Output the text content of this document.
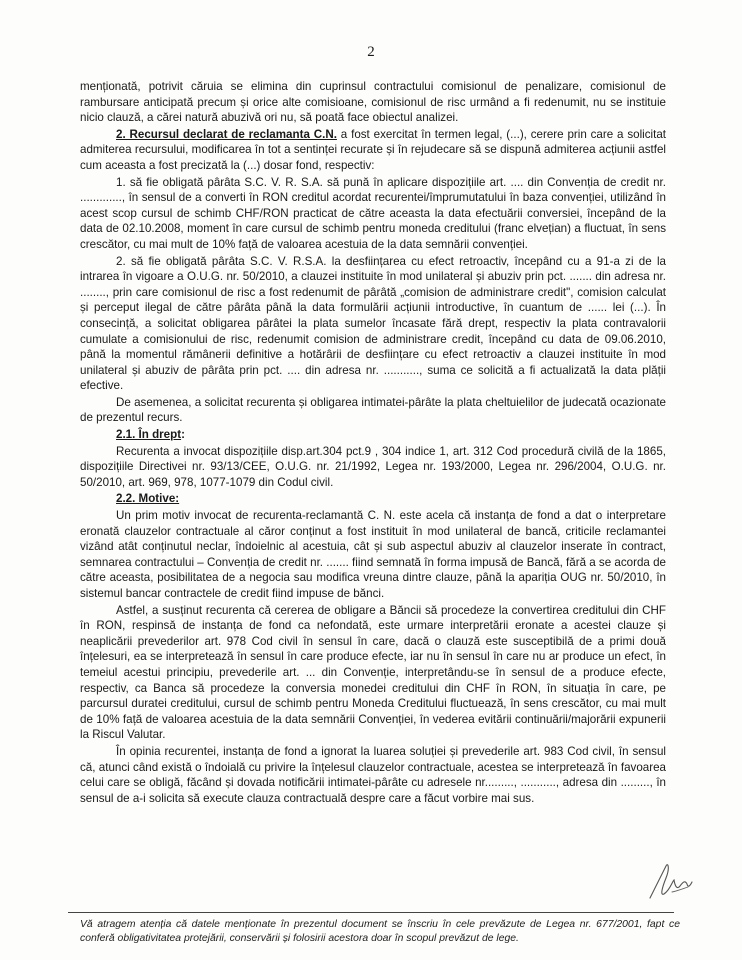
2

menționată, potrivit căruia se elimina din cuprinsul contractului comisionul de penalizare, comisionul de rambursare anticipată precum și orice alte comisioane, comisionul de risc urmând a fi redenumit, nu se instituie nicio clauză, a cărei natură abuzivă ori nu, să poată face obiectul analizei.

2. Recursul declarat de reclamanta C.N. a fost exercitat în termen legal, (...), cerere prin care a solicitat admiterea recursului, modificarea în tot a sentinței recurate și în rejudecare să se dispună admiterea acțiunii astfel cum aceasta a fost precizată la (...) dosar fond, respectiv:

1. să fie obligată pârâta S.C. V. R. S.A. să pună în aplicare dispozițiile art. .... din Convenția de credit nr. ............., în sensul de a converti în RON creditul acordat recurentei/împrumutatului în baza convenției, utilizând în acest scop cursul de schimb CHF/RON practicat de către aceasta la data efectuării conversiei, începând de la data de 02.10.2008, moment în care cursul de schimb pentru moneda creditului (franc elvețian) a fluctuat, în sens crescător, cu mai mult de 10% față de valoarea acestuia de la data semnării convenției.

2. să fie obligată pârâta S.C. V. R.S.A. la desființarea cu efect retroactiv, începând cu a 91-a zi de la intrarea în vigoare a O.U.G. nr. 50/2010, a clauzei instituite în mod unilateral și abuziv prin pct. ....... din adresa nr. ........, prin care comisionul de risc a fost redenumit de pârâtă „comision de administrare credit", comision calculat și perceput ilegal de către pârâta până la data formulării acțiunii introductive, în cuantum de ...... lei (...). În consecință, a solicitat obligarea pârâtei la plata sumelor încasate fără drept, respectiv la plata contravalorii cumulate a comisionului de risc, redenumit comision de administrare credit, începând cu data de 09.06.2010, până la momentul rămânerii definitive a hotărârii de desființare cu efect retroactiv a clauzei instituite în mod unilateral și abuziv de pârâta prin pct. .... din adresa nr. ..........., suma ce solicită a fi actualizată la data plății efective.

De asemenea, a solicitat recurenta și obligarea intimatei-pârâte la plata cheltuielilor de judecată ocazionate de prezentul recurs.

2.1. În drept:

Recurenta a invocat dispozițiile disp.art.304 pct.9 , 304 indice 1, art. 312 Cod procedură civilă de la 1865, dispozițiile Directivei nr. 93/13/CEE, O.U.G. nr. 21/1992, Legea nr. 193/2000, Legea nr. 296/2004, O.U.G. nr. 50/2010, art. 969, 978, 1077-1079 din Codul civil.

2.2. Motive:

Un prim motiv invocat de recurenta-reclamantă C. N. este acela că instanța de fond a dat o interpretare eronată clauzelor contractuale al căror conținut a fost instituit în mod unilateral de bancă, criticile reclamantei vizând atât conținutul neclar, îndoielnic al acestuia, cât și sub aspectul abuziv al clauzelor inserate în contract, semnarea contractului – Convenția de credit nr. ....... fiind semnată în forma impusă de Bancă, fără a se acorda de către aceasta, posibilitatea de a negocia sau modifica vreuna dintre clauze, până la apariția OUG nr. 50/2010, în sistemul bancar contractele de credit fiind impuse de bănci.

Astfel, a susținut recurenta că cererea de obligare a Băncii să procedeze la convertirea creditului din CHF în RON, respinsă de instanța de fond ca nefondată, este urmare interpretării eronate a acestei clauze și neaplicării prevederilor art. 978 Cod civil în sensul în care, dacă o clauză este susceptibilă de a primi două înțelesuri, ea se interpretează în sensul în care produce efecte, iar nu în sensul în care nu ar produce un efect, în temeiul acestui principiu, prevederile art. ... din Convenție, interpretându-se în sensul de a produce efecte, respectiv, ca Banca să procedeze la conversia monedei creditului din CHF în RON, în situația în care, pe parcursul duratei creditului, cursul de schimb pentru Moneda Creditului fluctuează, în sens crescător, cu mai mult de 10% față de valoarea acestuia de la data semnării Convenției, în vederea evitării continuării/majorării expunerii la Riscul Valutar.

În opinia recurentei, instanța de fond a ignorat la luarea soluției și prevederile art. 983 Cod civil, în sensul că, atunci când există o îndoială cu privire la înțelesul clauzelor contractuale, acestea se interpretează în favoarea celui care se obligă, făcând și dovada notificării intimatei-pârâte cu adresele nr........., ..........., adresa din ........., în sensul de a-i solicita să execute clauza contractuală despre care a făcut vorbire mai sus.

Vă atragem atenția că datele menționate în prezentul document se înscriu în cele prevăzute de Legea nr. 677/2001, fapt ce conferă obligativitatea protejării, conservării și folosirii acestora doar în scopul prevăzut de lege.
